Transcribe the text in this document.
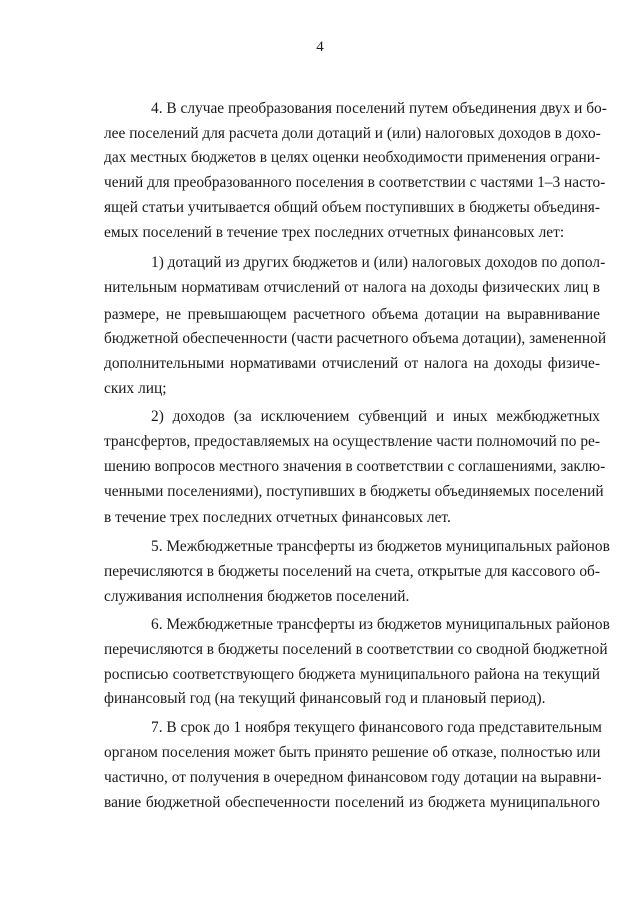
4
4. В случае преобразования поселений путем объединения двух и бо-
лее поселений для расчета доли дотаций и (или) налоговых доходов в дохо-
дах местных бюджетов в целях оценки необходимости применения ограни-
чений для преобразованного поселения в соответствии с частями 1–3 насто-
ящей статьи учитывается общий объем поступивших в бюджеты объединя-
емых поселений в течение трех последних отчетных финансовых лет:
1) дотаций из других бюджетов и (или) налоговых доходов по допол-
нительным нормативам отчислений от налога на доходы физических лиц в
размере, не превышающем расчетного объема дотации на выравнивание
бюджетной обеспеченности (части расчетного объема дотации), замененной
дополнительными нормативами отчислений от налога на доходы физиче-
ских лиц;
2) доходов (за исключением субвенций и иных межбюджетных
трансфертов, предоставляемых на осуществление части полномочий по ре-
шению вопросов местного значения в соответствии с соглашениями, заклю-
ченными поселениями), поступивших в бюджеты объединяемых поселений
в течение трех последних отчетных финансовых лет.
5. Межбюджетные трансферты из бюджетов муниципальных районов
перечисляются в бюджеты поселений на счета, открытые для кассового об-
служивания исполнения бюджетов поселений.
6. Межбюджетные трансферты из бюджетов муниципальных районов
перечисляются в бюджеты поселений в соответствии со сводной бюджетной
росписью соответствующего бюджета муниципального района на текущий
финансовый год (на текущий финансовый год и плановый период).
7. В срок до 1 ноября текущего финансового года представительным
органом поселения может быть принято решение об отказе, полностью или
частично, от получения в очередном финансовом году дотации на выравни-
вание бюджетной обеспеченности поселений из бюджета муниципального
